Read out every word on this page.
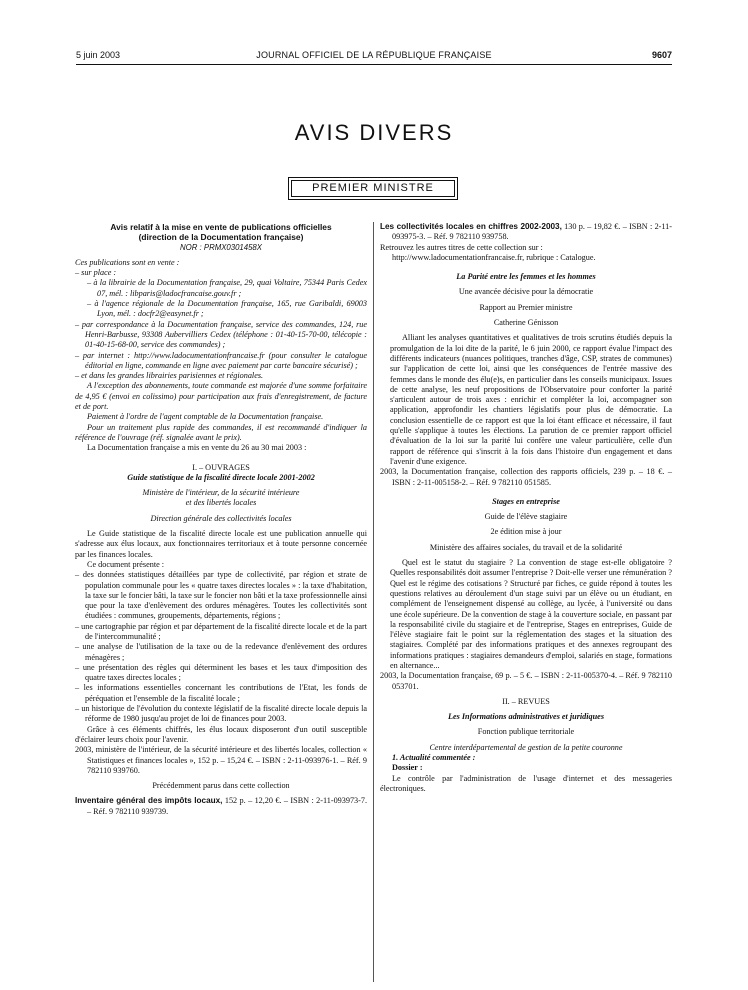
5 juin 2003	JOURNAL OFFICIEL DE LA RÉPUBLIQUE FRANÇAISE	9607
AVIS DIVERS
PREMIER MINISTRE

Avis relatif à la mise en vente de publications officielles

(direction de la Documentation française)

NOR : PRMX0301458X

Ces publications sont en vente :

– sur place :

– à la librairie de la Documentation française, 29, quai Voltaire, 75344 Paris Cedex 07, mél. : libparis@ladocfrancaise.gouv.fr ;

– à l'agence régionale de la Documentation française, 165, rue Garibaldi, 69003 Lyon, mél. : docfr2@easynet.fr ;

– par correspondance à la Documentation française, service des commandes, 124, rue Henri-Barbusse, 93308 Aubervilliers Cedex (téléphone : 01-40-15-70-00, télécopie : 01-40-15-68-00, service des commandes) ;

– par internet : http://www.ladocumentationfrancaise.fr (pour consulter le catalogue éditorial en ligne, commande en ligne avec paiement par carte bancaire sécurisé) ;

– et dans les grandes librairies parisiennes et régionales.

A l'exception des abonnements, toute commande est majorée d'une somme forfaitaire de 4,95 € (envoi en colissimo) pour participation aux frais d'enregistrement, de facture et de port.

Paiement à l'ordre de l'agent comptable de la Documentation française.

Pour un traitement plus rapide des commandes, il est recommandé d'indiquer la référence de l'ouvrage (réf. signalée avant le prix).

La Documentation française a mis en vente du 26 au 30 mai 2003 :

I. – OUVRAGES

Guide statistique de la fiscalité directe locale 2001-2002

Ministère de l'intérieur, de la sécurité intérieure

et des libertés locales

Direction générale des collectivités locales

Le Guide statistique de la fiscalité directe locale est une publication annuelle qui s'adresse aux élus locaux, aux fonctionnaires territoriaux et à toute personne concernée par les finances locales.

Ce document présente :

– des données statistiques détaillées par type de collectivité, par région et strate de population communale pour les « quatre taxes directes locales » : la taxe d'habitation, la taxe sur le foncier bâti, la taxe sur le foncier non bâti et la taxe professionnelle ainsi que pour la taxe d'enlèvement des ordures ménagères. Toutes les collectivités sont étudiées : communes, groupements, départements, régions ;

– une cartographie par région et par département de la fiscalité directe locale et de la part de l'intercommunalité ;

– une analyse de l'utilisation de la taxe ou de la redevance d'enlèvement des ordures ménagères ;

– une présentation des règles qui déterminent les bases et les taux d'imposition des quatre taxes directes locales ;

– les informations essentielles concernant les contributions de l'Etat, les fonds de péréquation et l'ensemble de la fiscalité locale ;

– un historique de l'évolution du contexte législatif de la fiscalité directe locale depuis la réforme de 1980 jusqu'au projet de loi de finances pour 2003.

Grâce à ces éléments chiffrés, les élus locaux disposeront d'un outil susceptible d'éclairer leurs choix pour l'avenir.

2003, ministère de l'intérieur, de la sécurité intérieure et des libertés locales, collection « Statistiques et finances locales », 152 p. – 15,24 €. – ISBN : 2-11-093976-1. – Réf. 9 782110 939760.

Précédemment parus dans cette collection

Inventaire général des impôts locaux, 152 p. – 12,20 €. – ISBN : 2-11-093973-7. – Réf. 9 782110 939739.

Les collectivités locales en chiffres 2002-2003, 130 p. – 19,82 €. – ISBN : 2-11-093975-3. – Réf. 9 782110 939758.

Retrouvez les autres titres de cette collection sur :

http://www.ladocumentationfrancaise.fr, rubrique : Catalogue.

La Parité entre les femmes et les hommes

Une avancée décisive pour la démocratie

Rapport au Premier ministre

Catherine Génisson

Alliant les analyses quantitatives et qualitatives de trois scrutins étudiés depuis la promulgation de la loi dite de la parité, le 6 juin 2000, ce rapport évalue l'impact des différents indicateurs (nuances politiques, tranches d'âge, CSP, strates de communes) sur l'application de cette loi, ainsi que les conséquences de l'entrée massive des femmes dans le monde des élu(e)s, en particulier dans les conseils municipaux. Issues de cette analyse, les neuf propositions de l'Observatoire pour conforter la parité s'articulent autour de trois axes : enrichir et compléter la loi, accompagner son application, approfondir les chantiers législatifs pour plus de démocratie. La conclusion essentielle de ce rapport est que la loi étant efficace et nécessaire, il faut qu'elle s'applique à toutes les élections. La parution de ce premier rapport officiel d'évaluation de la loi sur la parité lui confère une valeur particulière, celle d'un rapport de référence qui s'inscrit à la fois dans l'histoire d'un engagement et dans l'avenir d'une exigence.

2003, la Documentation française, collection des rapports officiels, 239 p. – 18 €. – ISBN : 2-11-005158-2. – Réf. 9 782110 051585.

Stages en entreprise

Guide de l'élève stagiaire

2e édition mise à jour

Ministère des affaires sociales, du travail et de la solidarité

Quel est le statut du stagiaire ? La convention de stage est-elle obligatoire ? Quelles responsabilités doit assumer l'entreprise ? Doit-elle verser une rémunération ? Quel est le régime des cotisations ? Structuré par fiches, ce guide répond à toutes les questions relatives au déroulement d'un stage suivi par un élève ou un étudiant, en complément de l'enseignement dispensé au collège, au lycée, à l'université ou dans une école supérieure. De la convention de stage à la couverture sociale, en passant par la responsabilité civile du stagiaire et de l'entreprise, Stages en entreprises, Guide de l'élève stagiaire fait le point sur la réglementation des stages et la situation des stagiaires. Complété par des informations pratiques et des annexes regroupant des informations pratiques : stagiaires demandeurs d'emploi, salariés en stage, formations en alternance...

2003, la Documentation française, 69 p. – 5 €. – ISBN : 2-11-005370-4. – Réf. 9 782110 053701.

II. – REVUES

Les Informations administratives et juridiques

Fonction publique territoriale

Centre interdépartemental de gestion de la petite couronne

1. Actualité commentée :

Dossier :

Le contrôle par l'administration de l'usage d'internet et des messageries électroniques.
